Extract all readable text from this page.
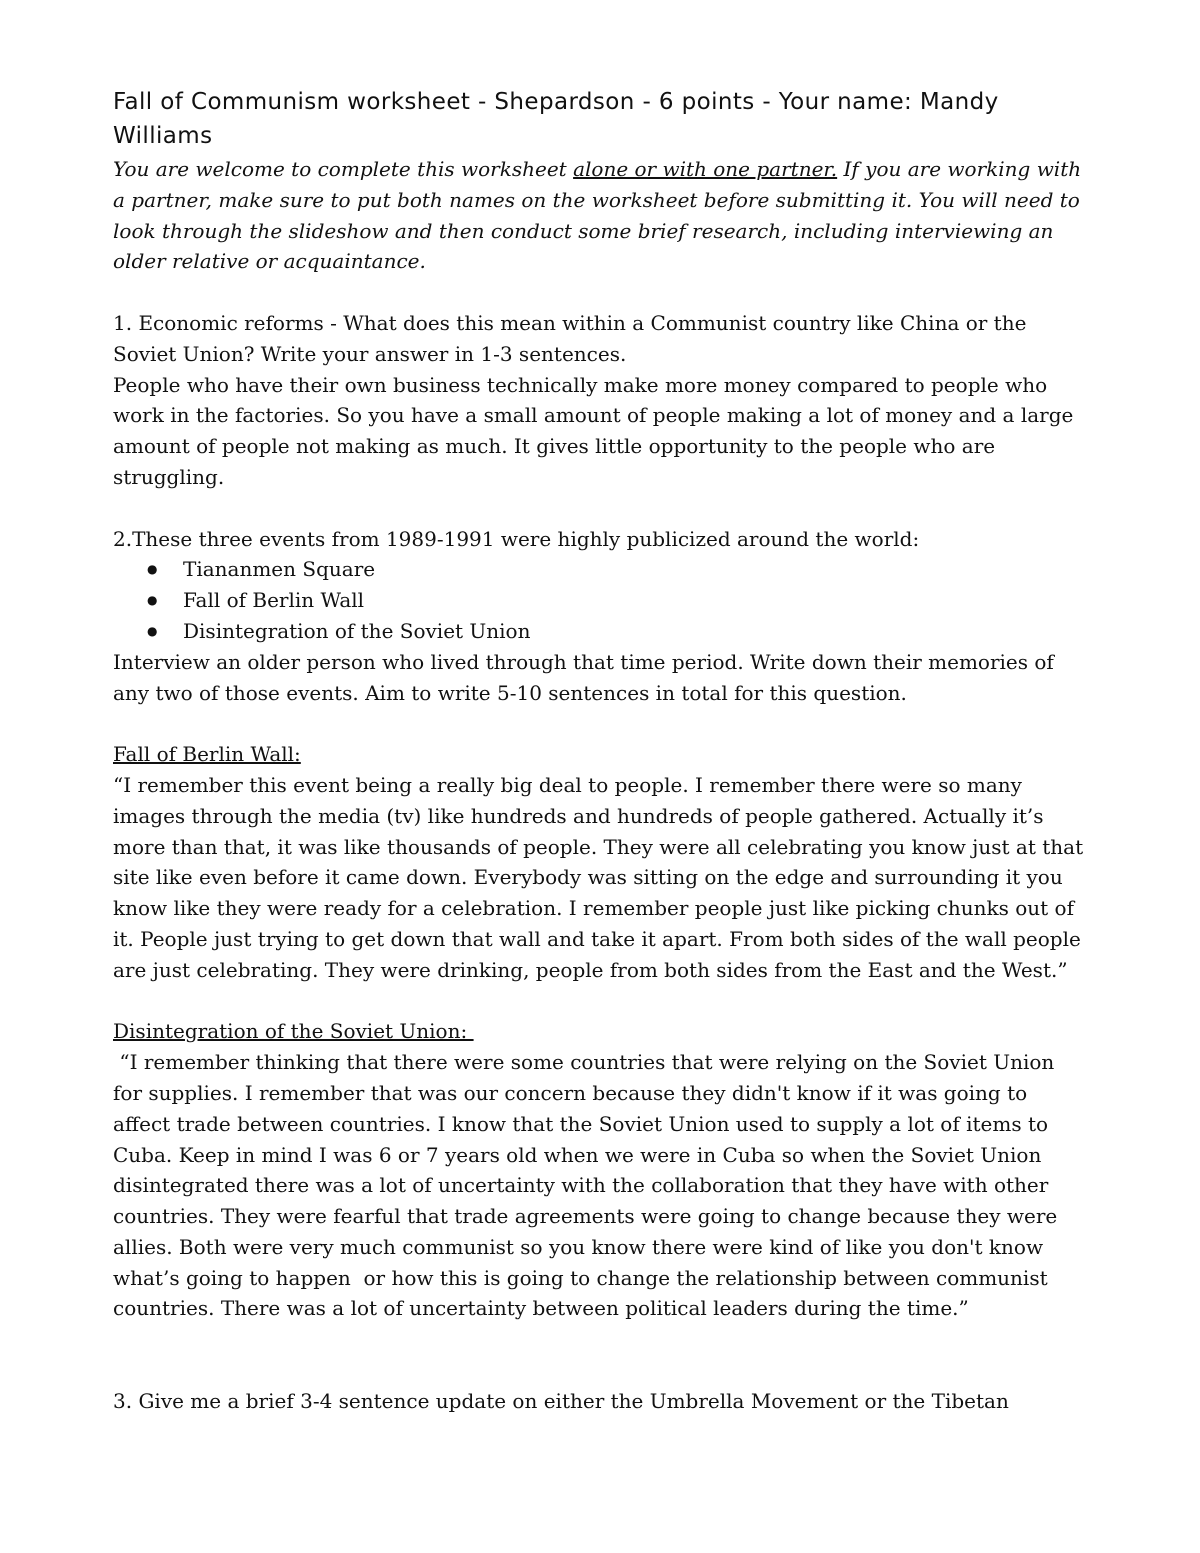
Fall of Communism worksheet - Shepardson - 6 points - Your name: Mandy Williams

You are welcome to complete this worksheet alone or with one partner. If you are working with a partner, make sure to put both names on the worksheet before submitting it. You will need to look through the slideshow and then conduct some brief research, including interviewing an older relative or acquaintance.

1. Economic reforms - What does this mean within a Communist country like China or the Soviet Union? Write your answer in 1-3 sentences.

People who have their own business technically make more money compared to people who work in the factories. So you have a small amount of people making a lot of money and a large amount of people not making as much. It gives little opportunity to the people who are struggling.

2.These three events from 1989-1991 were highly publicized around the world:

● Tiananmen Square
● Fall of Berlin Wall
● Disintegration of the Soviet Union

Interview an older person who lived through that time period. Write down their memories of any two of those events. Aim to write 5-10 sentences in total for this question.

Fall of Berlin Wall:

“I remember this event being a really big deal to people. I remember there were so many images through the media (tv) like hundreds and hundreds of people gathered. Actually it’s more than that, it was like thousands of people. They were all celebrating you know just at that site like even before it came down. Everybody was sitting on the edge and surrounding it you know like they were ready for a celebration. I remember people just like picking chunks out of it. People just trying to get down that wall and take it apart. From both sides of the wall people are just celebrating. They were drinking, people from both sides from the East and the West.”

Disintegration of the Soviet Union:

“I remember thinking that there were some countries that were relying on the Soviet Union for supplies. I remember that was our concern because they didn't know if it was going to affect trade between countries. I know that the Soviet Union used to supply a lot of items to Cuba. Keep in mind I was 6 or 7 years old when we were in Cuba so when the Soviet Union disintegrated there was a lot of uncertainty with the collaboration that they have with other countries. They were fearful that trade agreements were going to change because they were allies. Both were very much communist so you know there were kind of like you don't know what’s going to happen  or how this is going to change the relationship between communist countries. There was a lot of uncertainty between political leaders during the time.”

3. Give me a brief 3-4 sentence update on either the Umbrella Movement or the Tibetan
